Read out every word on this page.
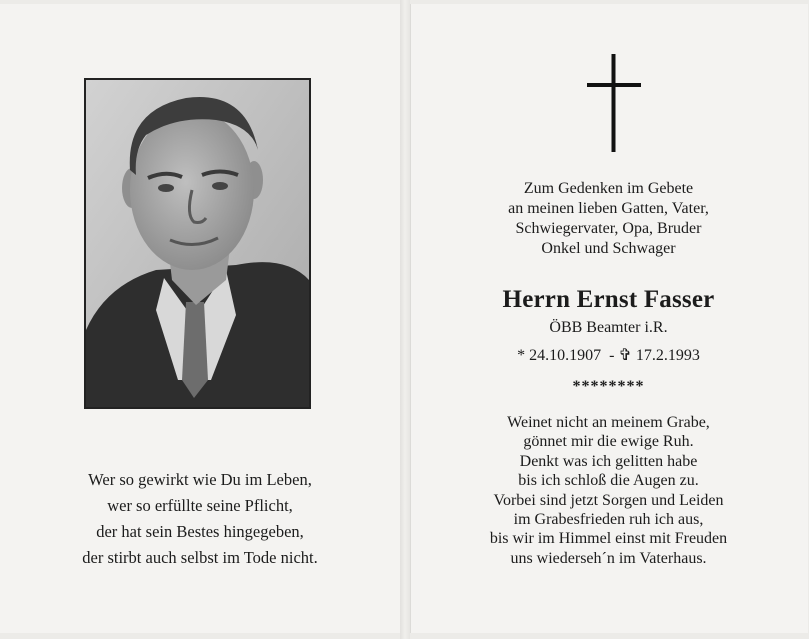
Wer so gewirkt wie Du im Leben,
wer so erfüllte seine Pflicht,
der hat sein Bestes hingegeben,
der stirbt auch selbst im Tode nicht.
Zum Gedenken im Gebete
an meinen lieben Gatten, Vater,
Schwiegervater, Opa, Bruder
Onkel und Schwager
Herrn Ernst Fasser
ÖBB Beamter i.R.
* 24.10.1907 - ✞ 17.2.1993
********
Weinet nicht an meinem Grabe,
gönnet mir die ewige Ruh.
Denkt was ich gelitten habe
bis ich schloß die Augen zu.
Vorbei sind jetzt Sorgen und Leiden
im Grabesfrieden ruh ich aus,
bis wir im Himmel einst mit Freuden
uns wiederseh´n im Vaterhaus.
